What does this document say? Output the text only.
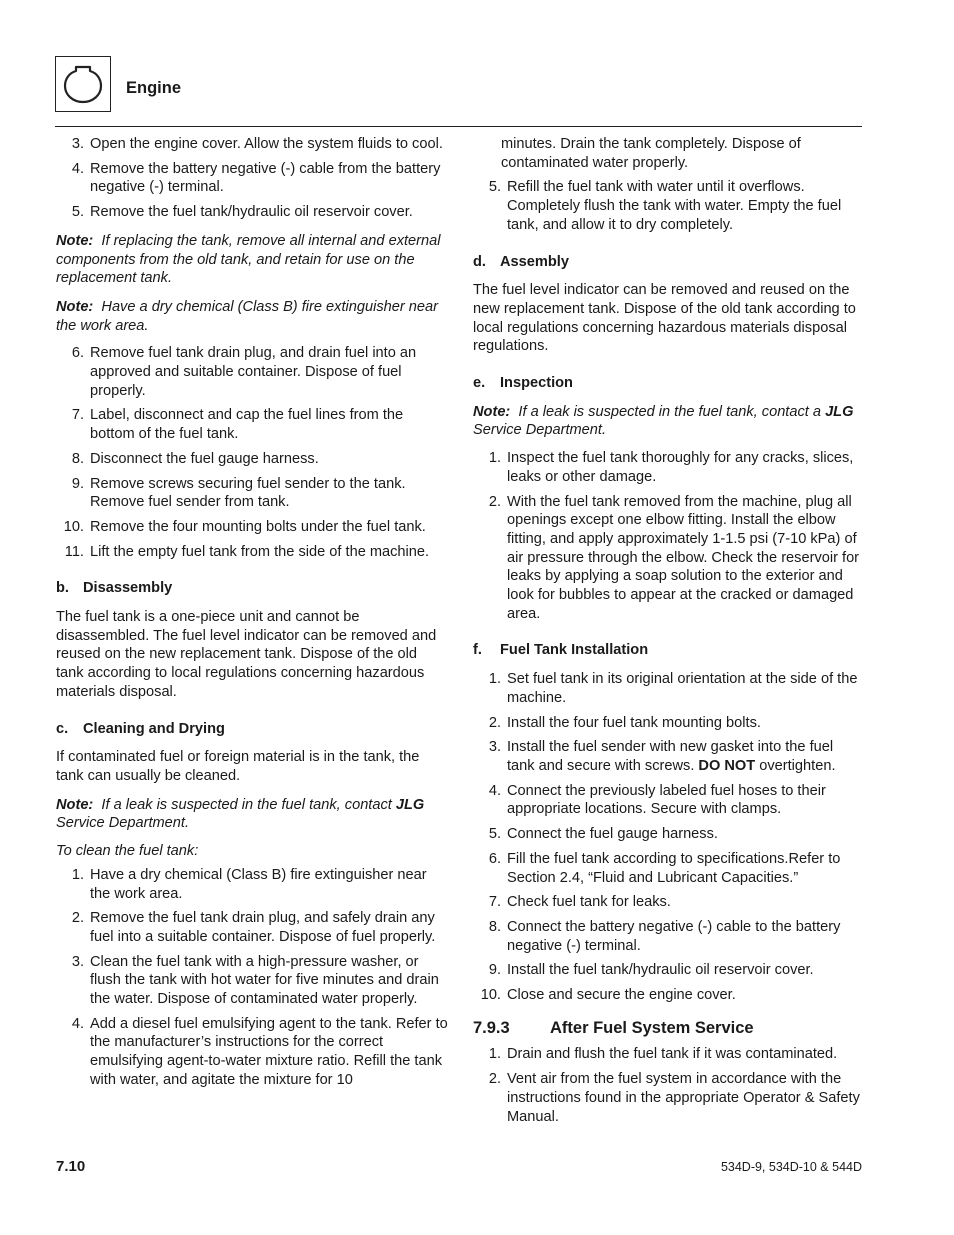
Engine
3. Open the engine cover. Allow the system fluids to cool.
4. Remove the battery negative (-) cable from the battery negative (-) terminal.
5. Remove the fuel tank/hydraulic oil reservoir cover.
Note: If replacing the tank, remove all internal and external components from the old tank, and retain for use on the replacement tank.
Note: Have a dry chemical (Class B) fire extinguisher near the work area.
6. Remove fuel tank drain plug, and drain fuel into an approved and suitable container. Dispose of fuel properly.
7. Label, disconnect and cap the fuel lines from the bottom of the fuel tank.
8. Disconnect the fuel gauge harness.
9. Remove screws securing fuel sender to the tank. Remove fuel sender from tank.
10. Remove the four mounting bolts under the fuel tank.
11. Lift the empty fuel tank from the side of the machine.
b. Disassembly
The fuel tank is a one-piece unit and cannot be disassembled. The fuel level indicator can be removed and reused on the new replacement tank. Dispose of the old tank according to local regulations concerning hazardous materials disposal.
c. Cleaning and Drying
If contaminated fuel or foreign material is in the tank, the tank can usually be cleaned.
Note: If a leak is suspected in the fuel tank, contact JLG Service Department.
To clean the fuel tank:
1. Have a dry chemical (Class B) fire extinguisher near the work area.
2. Remove the fuel tank drain plug, and safely drain any fuel into a suitable container. Dispose of fuel properly.
3. Clean the fuel tank with a high-pressure washer, or flush the tank with hot water for five minutes and drain the water. Dispose of contaminated water properly.
4. Add a diesel fuel emulsifying agent to the tank. Refer to the manufacturer’s instructions for the correct emulsifying agent-to-water mixture ratio. Refill the tank with water, and agitate the mixture for 10
minutes. Drain the tank completely. Dispose of contaminated water properly.
5. Refill the fuel tank with water until it overflows. Completely flush the tank with water. Empty the fuel tank, and allow it to dry completely.
d. Assembly
The fuel level indicator can be removed and reused on the new replacement tank. Dispose of the old tank according to local regulations concerning hazardous materials disposal regulations.
e. Inspection
Note: If a leak is suspected in the fuel tank, contact a JLG Service Department.
1. Inspect the fuel tank thoroughly for any cracks, slices, leaks or other damage.
2. With the fuel tank removed from the machine, plug all openings except one elbow fitting. Install the elbow fitting, and apply approximately 1-1.5 psi (7-10 kPa) of air pressure through the elbow. Check the reservoir for leaks by applying a soap solution to the exterior and look for bubbles to appear at the cracked or damaged area.
f. Fuel Tank Installation
1. Set fuel tank in its original orientation at the side of the machine.
2. Install the four fuel tank mounting bolts.
3. Install the fuel sender with new gasket into the fuel tank and secure with screws. DO NOT overtighten.
4. Connect the previously labeled fuel hoses to their appropriate locations. Secure with clamps.
5. Connect the fuel gauge harness.
6. Fill the fuel tank according to specifications.Refer to Section 2.4, “Fluid and Lubricant Capacities.”
7. Check fuel tank for leaks.
8. Connect the battery negative (-) cable to the battery negative (-) terminal.
9. Install the fuel tank/hydraulic oil reservoir cover.
10. Close and secure the engine cover.
7.9.3 After Fuel System Service
1. Drain and flush the fuel tank if it was contaminated.
2. Vent air from the fuel system in accordance with the instructions found in the appropriate Operator & Safety Manual.
7.10	534D-9, 534D-10 & 544D
